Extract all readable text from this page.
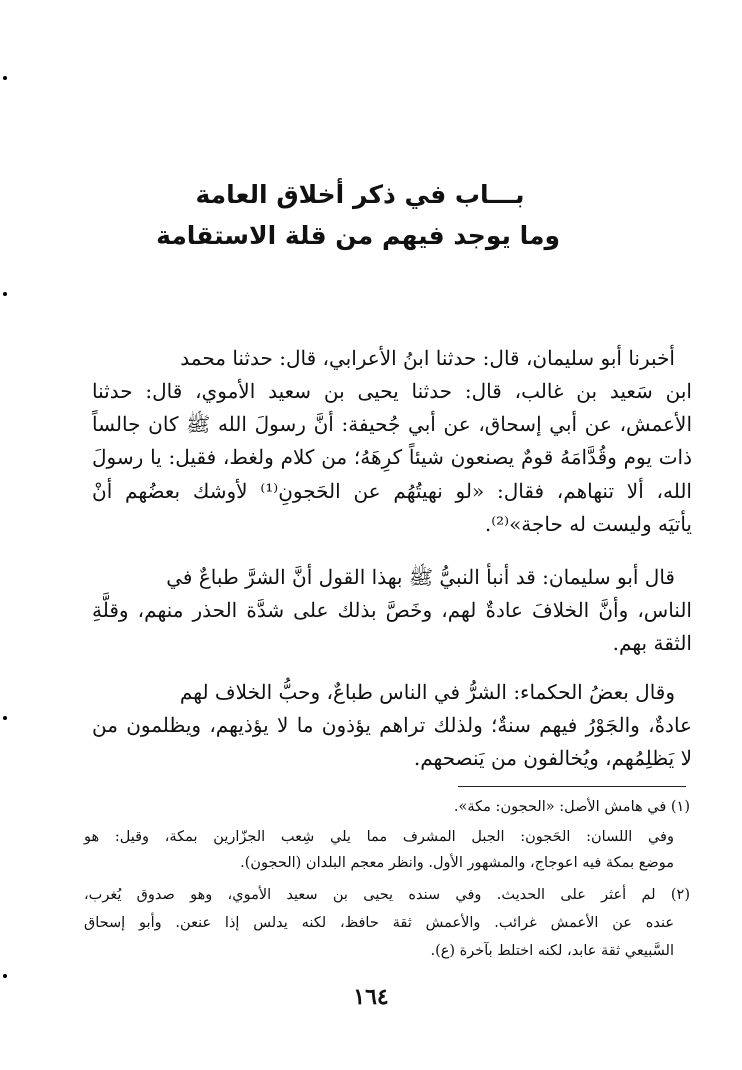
بـــاب في ذكر أخلاق العامة
وما يوجد فيهم من قلة الاستقامة
أخبرنا أبو سليمان، قال: حدثنا ابنُ الأعرابي، قال: حدثنا محمد
ابن سَعيد بن غالب، قال: حدثنا يحيى بن سعيد الأموي، قال: حدثنا
الأعمش، عن أبي إسحاق، عن أبي جُحيفة: أنَّ رسولَ الله ﷺ كان جالساً
ذات يوم وقُدَّامَهُ قومٌ يصنعون شيئاً كرِهَهُ؛ من كلام ولغط، فقيل: يا رسولَ
الله، ألا تنهاهم، فقال: «لو نهيتُهُم عن الحَجونِ⁽¹⁾ لأوشك بعضُهم أنْ
يأتيَه وليست له حاجة»⁽²⁾.
قال أبو سليمان: قد أنبأ النبيُّ ﷺ بهذا القول أنَّ الشرَّ طباعٌ في
الناس، وأنَّ الخلافَ عادةٌ لهم، وخَصَّ بذلك على شدَّة الحذر منهم، وقلَّةِ
الثقة بهم.
وقال بعضُ الحكماء: الشرُّ في الناس طباعٌ، وحبُّ الخلاف لهم
عادةٌ، والجَوْرُ فيهم سنةٌ؛ ولذلك تراهم يؤذون ما لا يؤذيهم، ويظلمون من
لا يَظلِمُهم، ويُخالفون من يَنصحهم.
(١) في هامش الأصل: «الحجون: مكة».
وفي اللسان: الحَجون: الجبل المشرف مما يلي شِعب الجزّارين بمكة، وقيل: هو
موضع بمكة فيه اعوجاج، والمشهور الأول. وانظر معجم البلدان (الحجون).
(٢) لم أعثر على الحديث. وفي سنده يحيى بن سعيد الأموي، وهو صدوق يُغرب،
عنده عن الأعمش غرائب. والأعمش ثقة حافظ، لكنه يدلس إذا عنعن. وأبو إسحاق
السَّبيعي ثقة عابد، لكنه اختلط بآخرة (ع).
١٦٤
